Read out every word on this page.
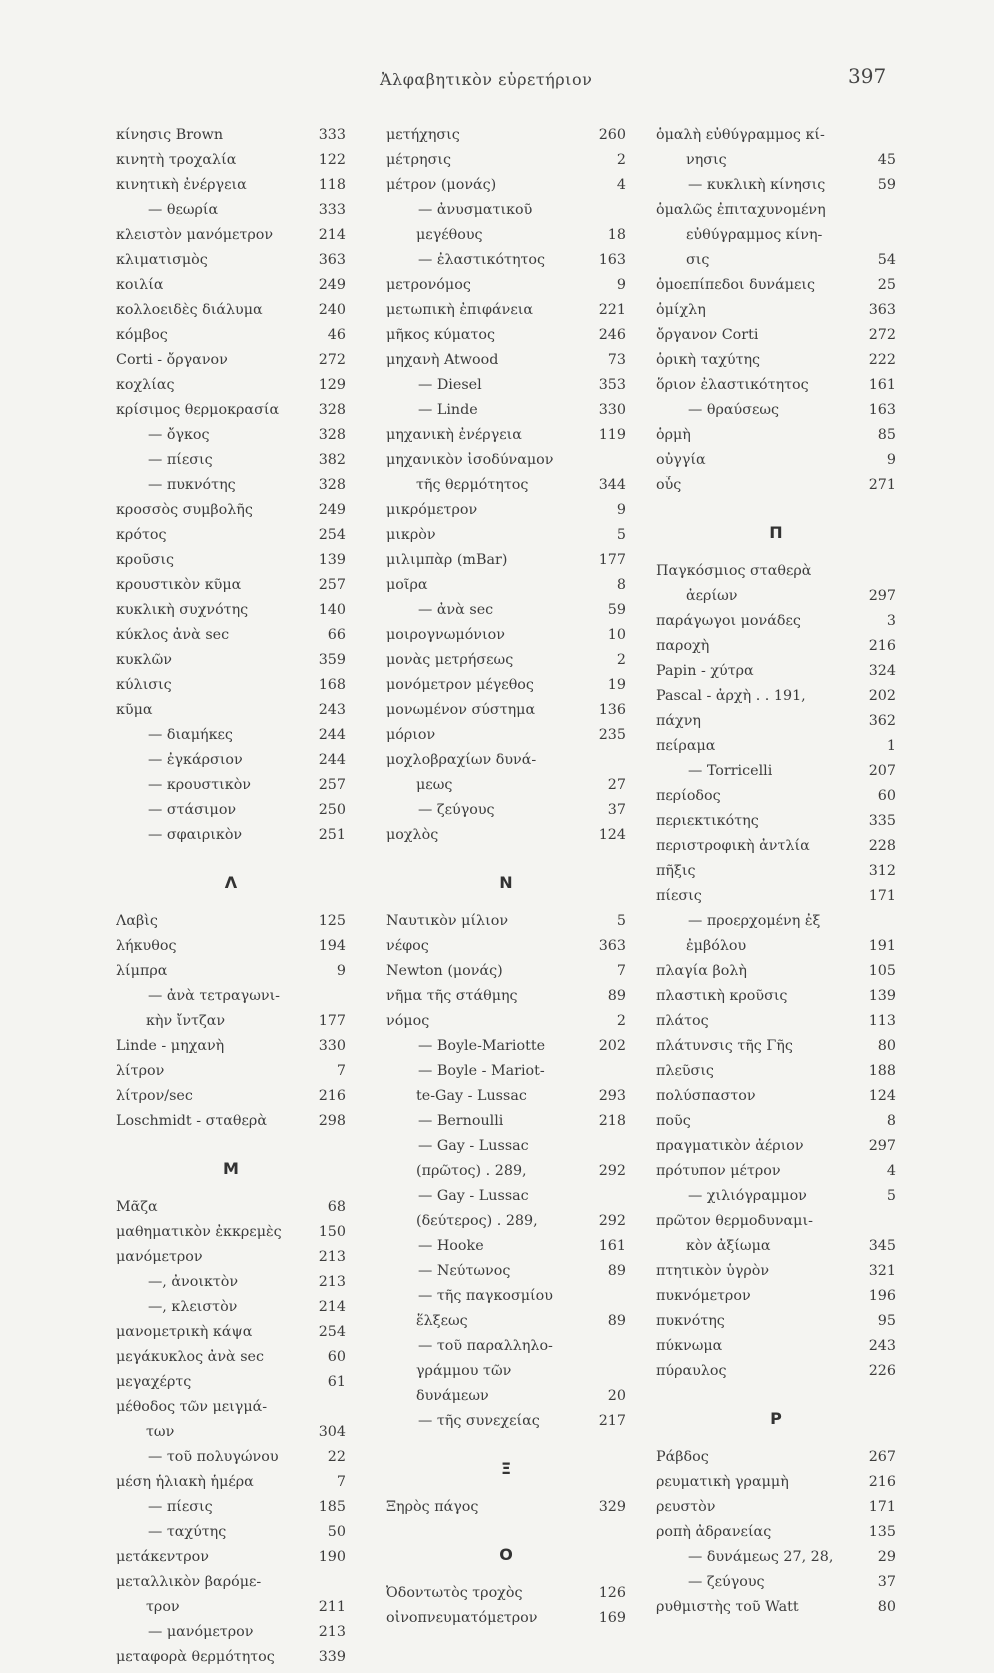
Ἀλφαβητικὸν εὑρετήριον	397
κίνησις Brown	333
κινητὴ τροχαλία	122
κινητικὴ ἐνέργεια	118
— θεωρία	333
κλειστὸν μανόμετρον	214
κλιματισμὸς	363
κοιλία	249
κολλοειδὲς διάλυμα	240
κόμβος	46
Corti - ὄργανον	272
κοχλίας	129
κρίσιμος θερμοκρασία	328
— ὄγκος	328
— πίεσις	382
— πυκνότης	328
κροσσὸς συμβολῆς	249
κρότος	254
κροῦσις	139
κρουστικὸν κῦμα	257
κυκλικὴ συχνότης	140
κύκλος ἀνὰ sec	66
κυκλῶν	359
κύλισις	168
κῦμα	243
— διαμήκες	244
— ἐγκάρσιον	244
— κρουστικὸν	257
— στάσιμον	250
— σφαιρικὸν	251
Λ
Λαβὶς	125
λήκυθος	194
λίμπρα	9
— ἀνὰ τετραγωνι-
κὴν ἴντζαν	177
Linde - μηχανὴ	330
λίτρον	7
λίτρον/sec	216
Loschmidt - σταθερὰ	298
Μ
Μᾶζα	68
μαθηματικὸν ἐκκρεμὲς	150
μανόμετρον	213
—, ἀνοικτὸν	213
—, κλειστὸν	214
μανομετρικὴ κάψα	254
μεγάκυκλος ἀνὰ sec	60
μεγαχέρτς	61
μέθοδος τῶν μειγμά-
των	304
— τοῦ πολυγώνου	22
μέση ἡλιακὴ ἡμέρα	7
— πίεσις	185
— ταχύτης	50
μετάκεντρον	190
μεταλλικὸν βαρόμε-
τρον	211
— μανόμετρον	213
μεταφορὰ θερμότητος	339
μετήχησις	260
μέτρησις	2
μέτρον (μονάς)	4
— ἀνυσματικοῦ
μεγέθους	18
— ἐλαστικότητος	163
μετρονόμος	9
μετωπικὴ ἐπιφάνεια	221
μῆκος κύματος	246
μηχανὴ Atwood	73
— Diesel	353
— Linde	330
μηχανικὴ ἐνέργεια	119
μηχανικὸν ἰσοδύναμον
τῆς θερμότητος	344
μικρόμετρον	9
μικρὸν	5
μιλιμπὰρ (mBar)	177
μοῖρα	8
— ἀνὰ sec	59
μοιρογνωμόνιον	10
μονὰς μετρήσεως	2
μονόμετρον μέγεθος	19
μονωμένον σύστημα	136
μόριον	235
μοχλοβραχίων δυνά-
μεως	27
— ζεύγους	37
μοχλὸς	124
Ν
Ναυτικὸν μίλιον	5
νέφος	363
Newton (μονάς)	7
νῆμα τῆς στάθμης	89
νόμος	2
— Boyle-Mariotte	202
— Boyle - Mariot-
te-Gay - Lussac	293
— Bernoulli	218
— Gay - Lussac
(πρῶτος) . 289,	292
— Gay - Lussac
(δεύτερος) . 289,	292
— Hooke	161
— Νεύτωνος	89
— τῆς παγκοσμίου
ἕλξεως	89
— τοῦ παραλληλο-
γράμμου τῶν
δυνάμεων	20
— τῆς συνεχείας	217
Ξ
Ξηρὸς πάγος	329
Ο
Ὀδοντωτὸς τροχὸς	126
οἰνοπνευματόμετρον	169
ὁμαλὴ εὐθύγραμμος κί-
νησις	45
— κυκλικὴ κίνησις	59
ὁμαλῶς ἐπιταχυνομένη
εὐθύγραμμος κίνη-
σις	54
ὁμοεπίπεδοι δυνάμεις	25
ὁμίχλη	363
ὄργανον Corti	272
ὁρικὴ ταχύτης	222
ὅριον ἐλαστικότητος	161
— θραύσεως	163
ὁρμὴ	85
οὐγγία	9
οὖς	271
Π
Παγκόσμιος σταθερὰ
ἀερίων	297
παράγωγοι μονάδες	3
παροχὴ	216
Papin - χύτρα	324
Pascal - ἀρχὴ . . 191,	202
πάχνη	362
πείραμα	1
— Torricelli	207
περίοδος	60
περιεκτικότης	335
περιστροφικὴ ἀντλία	228
πῆξις	312
πίεσις	171
— προερχομένη ἐξ
ἐμβόλου	191
πλαγία βολὴ	105
πλαστικὴ κροῦσις	139
πλάτος	113
πλάτυνσις τῆς Γῆς	80
πλεῦσις	188
πολύσπαστον	124
ποῦς	8
πραγματικὸν ἀέριον	297
πρότυπον μέτρον	4
— χιλιόγραμμον	5
πρῶτον θερμοδυναμι-
κὸν ἀξίωμα	345
πτητικὸν ὑγρὸν	321
πυκνόμετρον	196
πυκνότης	95
πύκνωμα	243
πύραυλος	226
Ρ
Ράβδος	267
ρευματικὴ γραμμὴ	216
ρευστὸν	171
ροπὴ ἀδρανείας	135
— δυνάμεως 27, 28,	29
— ζεύγους	37
ρυθμιστὴς τοῦ Watt	80
